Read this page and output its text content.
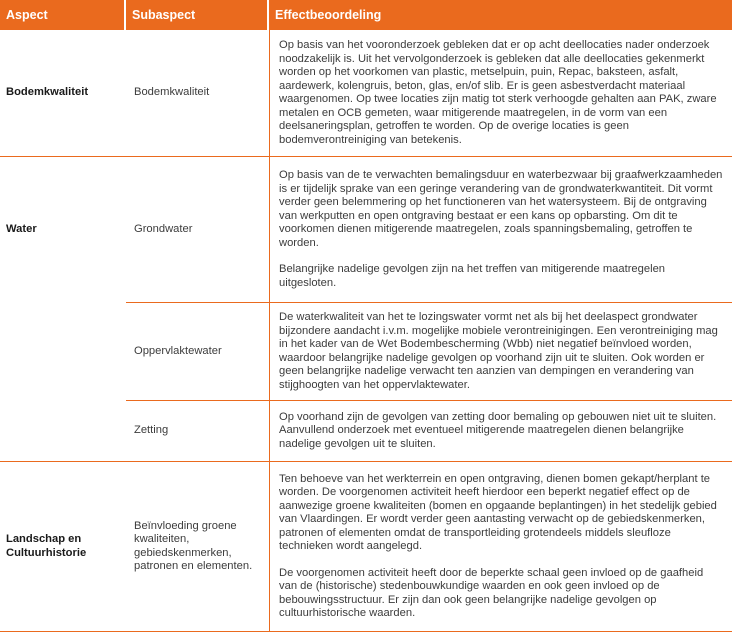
Aspect	Subaspect	Effectbeoordeling
Bodemkwaliteit	Bodemkwaliteit	Op basis van het vooronderzoek gebleken dat er op acht deellocaties nader onderzoek noodzakelijk is. Uit het vervolgonderzoek is gebleken dat alle deellocaties gekenmerkt worden op het voorkomen van plastic, metselpuin, puin, Repac, baksteen, asfalt, aardewerk, kolengruis, beton, glas, en/of slib. Er is geen asbestverdacht materiaal waargenomen. Op twee locaties zijn matig tot sterk verhoogde gehalten aan PAK, zware metalen en OCB gemeten, waar mitigerende maatregelen, in de vorm van een deelsaneringsplan, getroffen te worden. Op de overige locaties is geen bodemverontreiniging van betekenis.

Water	Grondwater	Op basis van de te verwachten bemalingsduur en waterbezwaar bij graafwerkzaamheden is er tijdelijk sprake van een geringe verandering van de grondwaterkwantiteit. Dit vormt verder geen belemmering op het functioneren van het watersysteem. Bij de ontgraving van werkputten en open ontgraving bestaat er een kans op opbarsting. Om dit te voorkomen dienen mitigerende maatregelen, zoals spanningsbemaling, getroffen te worden.

Belangrijke nadelige gevolgen zijn na het treffen van mitigerende maatregelen uitgesloten.

	Oppervlaktewater	De waterkwaliteit van het te lozingswater vormt net als bij het deelaspect grondwater bijzondere aandacht i.v.m. mogelijke mobiele verontreinigingen. Een verontreiniging mag in het kader van de Wet Bodembescherming (Wbb) niet negatief beïnvloed worden, waardoor belangrijke nadelige gevolgen op voorhand zijn uit te sluiten. Ook worden er geen belangrijke nadelige verwacht ten aanzien van dempingen en verandering van stijghoogten van het oppervlaktewater.

	Zetting	Op voorhand zijn de gevolgen van zetting door bemaling op gebouwen niet uit te sluiten. Aanvullend onderzoek met eventueel mitigerende maatregelen dienen belangrijke nadelige gevolgen uit te sluiten.

Landschap en Cultuurhistorie	Beïnvloeding groene kwaliteiten, gebiedskenmerken, patronen en elementen.	Ten behoeve van het werkterrein en open ontgraving, dienen bomen gekapt/herplant te worden. De voorgenomen activiteit heeft hierdoor een beperkt negatief effect op de aanwezige groene kwaliteiten (bomen en opgaande beplantingen) in het stedelijk gebied van Vlaardingen. Er wordt verder geen aantasting verwacht op de gebiedskenmerken, patronen of elementen omdat de transportleiding grotendeels middels sleufloze technieken wordt aangelegd.

De voorgenomen activiteit heeft door de beperkte schaal geen invloed op de gaafheid van de (historische) stedenbouwkundige waarden en ook geen invloed op de bebouwingsstructuur. Er zijn dan ook geen belangrijke nadelige gevolgen op cultuurhistorische waarden.
